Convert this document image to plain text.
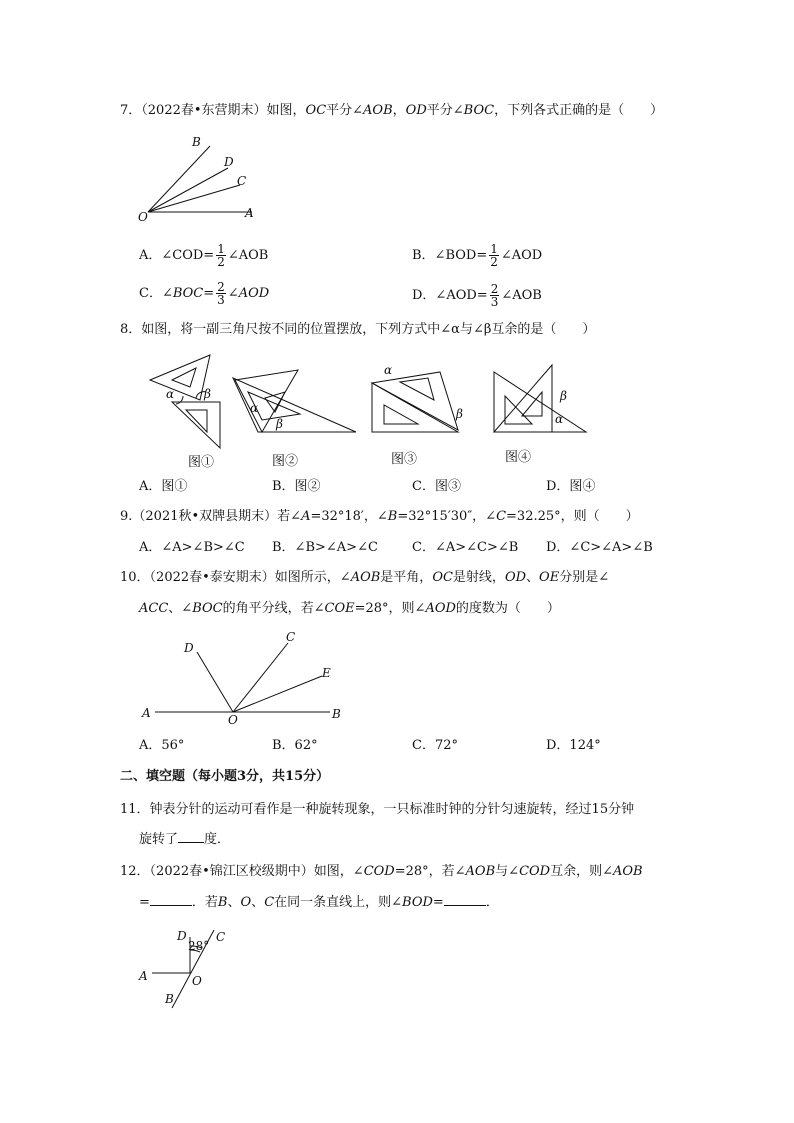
7．（2022春•东营期末）如图，OC平分∠AOB，OD平分∠BOC，下列各式正确的是（　　）
B
D
C
O	A
A．∠COD= $\frac{1}{2}$ ∠AOB	B．∠BOD= $\frac{1}{2}$ ∠AOD
C．∠BOC= $\frac{2}{3}$ ∠AOD	D．∠AOD= $\frac{2}{3}$ ∠AOB
8．如图，将一副三角尺按不同的位置摆放，下列方式中∠α与∠β互余的是（　　）
α β
α
β
α
β
β
α
图①	图②	图③	图④
A．图①	B．图②	C．图③	D．图④
9.（2021秋•双牌县期末）若∠A=32°18′，∠B=32°15′30″，∠C=32.25°，则（　　）
A．∠A>∠B>∠C B．∠B>∠A>∠C	C．∠A>∠C>∠B D．∠C>∠A>∠B
10．（2022春•泰安期末）如图所示，∠AOB是平角，OC是射线，OD、OE分别是∠
ACC、∠BOC的角平分线，若∠COE=28°，则∠AOD的度数为（　　）
D
C
E
A	O	B
A．56°	B．62°	C．72°	D．124°
二、填空题（每小题3分，共15分）
11．钟表分针的运动可看作是一种旋转现象，一只标准时钟的分针匀速旋转，经过15分钟
旋转了 度．
12．（2022春•锦江区校级期中）如图，∠COD=28°，若∠AOB与∠COD互余，则∠AOB
=	．若B、O、C在同一条直线上，则∠BOD=	．
D
28°
C
A	O
B
